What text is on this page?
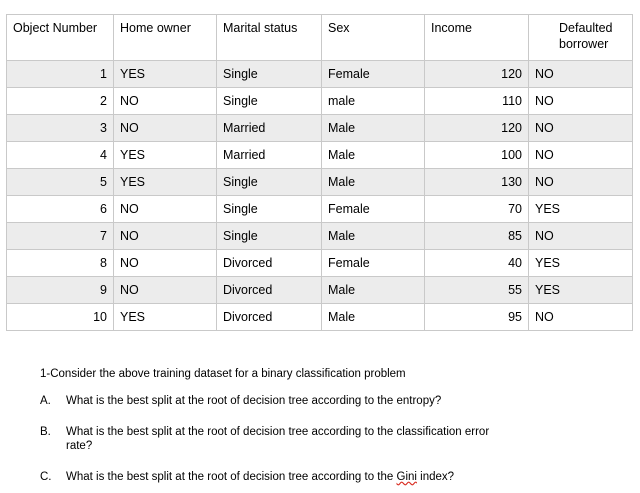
Object Number	Home owner	Marital status	Sex	Income	Defaulted borrower
1	YES	Single	Female	120	NO
2	NO	Single	male	110	NO
3	NO	Married	Male	120	NO
4	YES	Married	Male	100	NO
5	YES	Single	Male	130	NO
6	NO	Single	Female	70	YES
7	NO	Single	Male	85	NO
8	NO	Divorced	Female	40	YES
9	NO	Divorced	Male	55	YES
10	YES	Divorced	Male	95	NO
1-Consider the above training dataset for a binary classification problem
A. What is the best split at the root of decision tree according to the entropy?
B. What is the best split at the root of decision tree according to the classification error rate?
C. What is the best split at the root of decision tree according to the Gini index?
